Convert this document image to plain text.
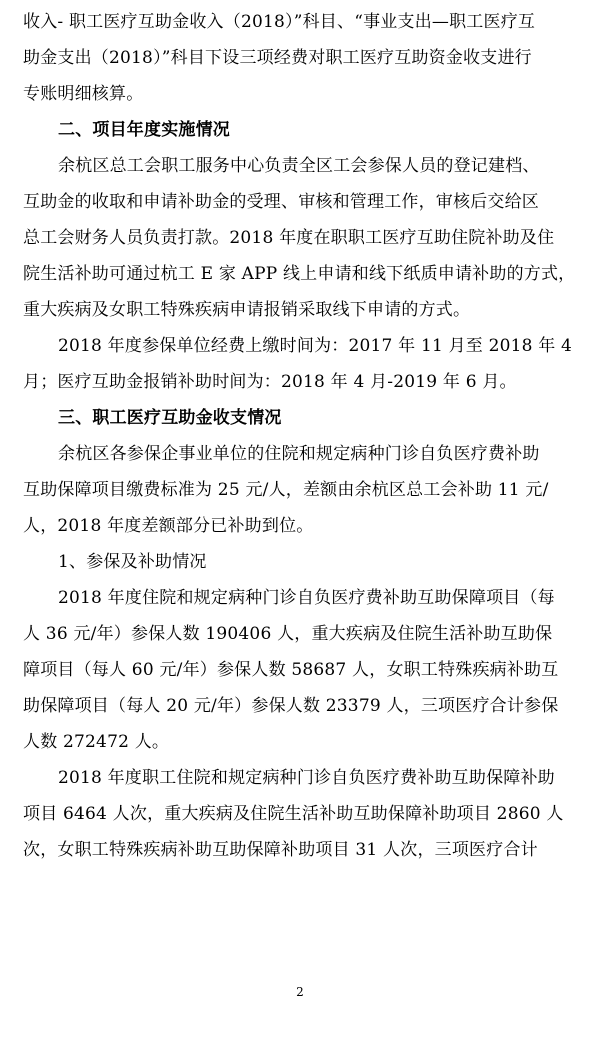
收入- 职工医疗互助金收入（2018）”科目、“事业支出—职工医疗互
助金支出（2018）”科目下设三项经费对职工医疗互助资金收支进行
专账明细核算。
二、项目年度实施情况
余杭区总工会职工服务中心负责全区工会参保人员的登记建档、
互助金的收取和申请补助金的受理、审核和管理工作，审核后交给区
总工会财务人员负责打款。2018 年度在职职工医疗互助住院补助及住
院生活补助可通过杭工 E 家 APP 线上申请和线下纸质申请补助的方式，
重大疾病及女职工特殊疾病申请报销采取线下申请的方式。
2018 年度参保单位经费上缴时间为：2017 年 11 月至 2018 年 4
月；医疗互助金报销补助时间为：2018 年 4 月-2019 年 6 月。
三、职工医疗互助金收支情况
余杭区各参保企事业单位的住院和规定病种门诊自负医疗费补助
互助保障项目缴费标准为 25 元/人，差额由余杭区总工会补助 11 元/
人，2018 年度差额部分已补助到位。
1、参保及补助情况
2018 年度住院和规定病种门诊自负医疗费补助互助保障项目（每
人 36 元/年）参保人数 190406 人，重大疾病及住院生活补助互助保
障项目（每人 60 元/年）参保人数 58687 人，女职工特殊疾病补助互
助保障项目（每人 20 元/年）参保人数 23379 人，三项医疗合计参保
人数 272472 人。
2018 年度职工住院和规定病种门诊自负医疗费补助互助保障补助
项目 6464 人次，重大疾病及住院生活补助互助保障补助项目 2860 人
次，女职工特殊疾病补助互助保障补助项目 31 人次，三项医疗合计
2
